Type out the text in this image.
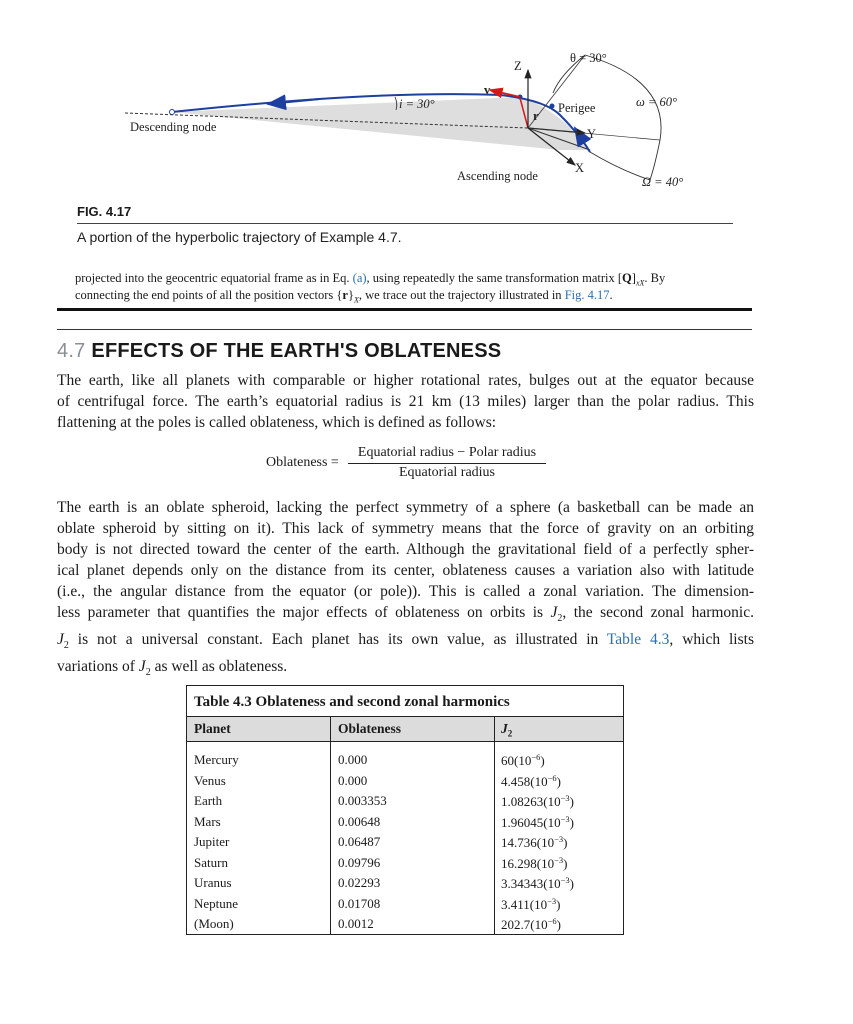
θ = 30°
Z
v
i = 30°	ω = 60°
Perigee
r
Y
Descending node
Ascending node
X
Ω = 40°
FIG. 4.17
A portion of the hyperbolic trajectory of Example 4.7.
projected into the geocentric equatorial frame as in Eq. (a), using repeatedly the same transformation matrix $[Q]_{xX}$. By
connecting the end points of all the position vectors $\{r\}_X$, we trace out the trajectory illustrated in Fig. 4.17.
4.7 EFFECTS OF THE EARTH'S OBLATENESS
The earth, like all planets with comparable or higher rotational rates, bulges out at the equator because
of centrifugal force. The earth’s equatorial radius is 21 km (13 miles) larger than the polar radius. This
flattening at the poles is called oblateness, which is defined as follows:
Oblateness =
Equatorial radius − Polar radius
Equatorial radius
The earth is an oblate spheroid, lacking the perfect symmetry of a sphere (a basketball can be made an
oblate spheroid by sitting on it). This lack of symmetry means that the force of gravity on an orbiting
body is not directed toward the center of the earth. Although the gravitational field of a perfectly spher-
ical planet depends only on the distance from its center, oblateness causes a variation also with latitude
(i.e., the angular distance from the equator (or pole)). This is called a zonal variation. The dimension-
less parameter that quantifies the major effects of oblateness on orbits is $J_2$, the second zonal harmonic.
$J_2$ is not a universal constant. Each planet has its own value, as illustrated in Table 4.3, which lists
variations of $J_2$ as well as oblateness.
Table 4.3 Oblateness and second zonal harmonics
Planet	Oblateness	$J_2$
Mercury	0.000	$60(10^{-6})$
Venus	0.000	$4.458(10^{-6})$
Earth	0.003353	$1.08263(10^{-3})$
Mars	0.00648	$1.96045(10^{-3})$
Jupiter	0.06487	$14.736(10^{-3})$
Saturn	0.09796	$16.298(10^{-3})$
Uranus	0.02293	$3.34343(10^{-3})$
Neptune	0.01708	$3.411(10^{-3})$
(Moon)	0.0012	$202.7(10^{-6})$
